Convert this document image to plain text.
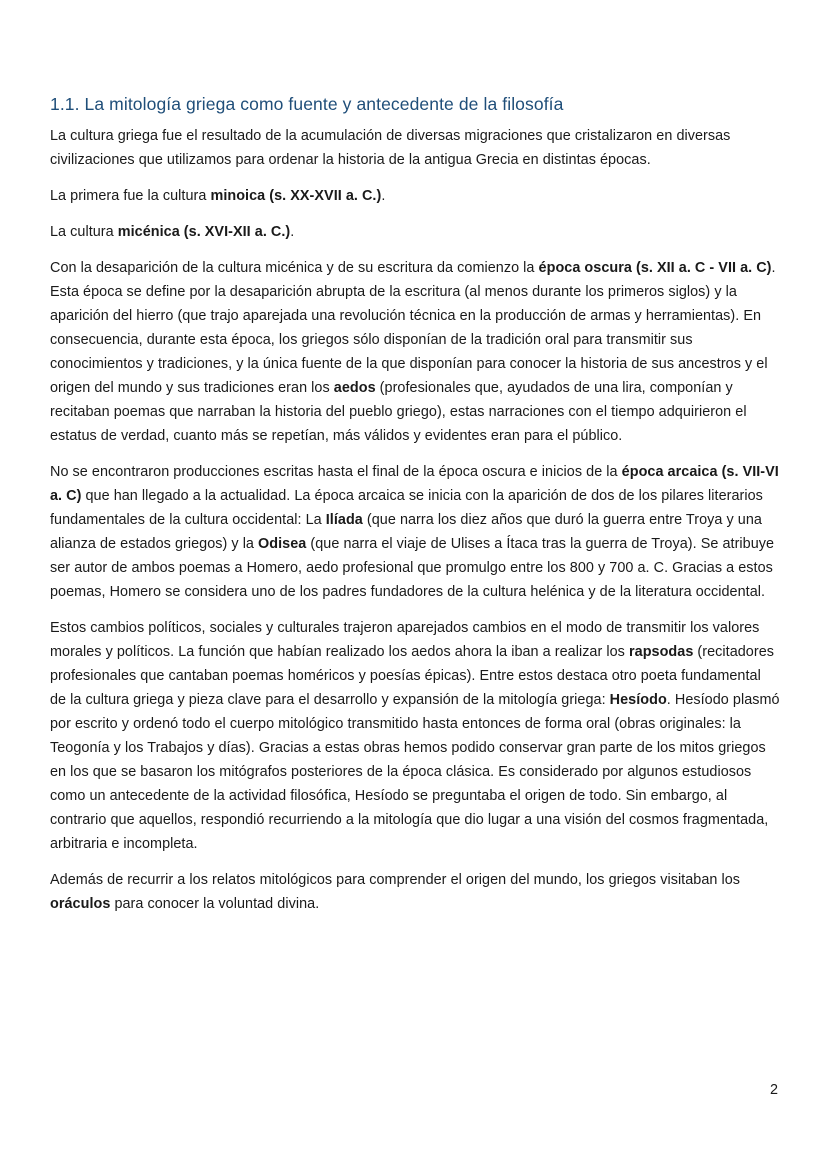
1.1. La mitología griega como fuente y antecedente de la filosofía

La cultura griega fue el resultado de la acumulación de diversas migraciones que cristalizaron en diversas civilizaciones que utilizamos para ordenar la historia de la antigua Grecia en distintas épocas.

La primera fue la cultura minoica (s. XX-XVII a. C.).

La cultura micénica (s. XVI-XII a. C.).

Con la desaparición de la cultura micénica y de su escritura da comienzo la época oscura (s. XII a. C - VII a. C). Esta época se define por la desaparición abrupta de la escritura (al menos durante los primeros siglos) y la aparición del hierro (que trajo aparejada una revolución técnica en la producción de armas y herramientas). En consecuencia, durante esta época, los griegos sólo disponían de la tradición oral para transmitir sus conocimientos y tradiciones, y la única fuente de la que disponían para conocer la historia de sus ancestros y el origen del mundo y sus tradiciones eran los aedos (profesionales que, ayudados de una lira, componían y recitaban poemas que narraban la historia del pueblo griego), estas narraciones con el tiempo adquirieron el estatus de verdad, cuanto más se repetían, más válidos y evidentes eran para el público.

No se encontraron producciones escritas hasta el final de la época oscura e inicios de la época arcaica (s. VII-VI a. C) que han llegado a la actualidad. La época arcaica se inicia con la aparición de dos de los pilares literarios fundamentales de la cultura occidental: La Ilíada (que narra los diez años que duró la guerra entre Troya y una alianza de estados griegos) y la Odisea (que narra el viaje de Ulises a Ítaca tras la guerra de Troya). Se atribuye ser autor de ambos poemas a Homero, aedo profesional que promulgo entre los 800 y 700 a. C. Gracias a estos poemas, Homero se considera uno de los padres fundadores de la cultura helénica y de la literatura occidental.

Estos cambios políticos, sociales y culturales trajeron aparejados cambios en el modo de transmitir los valores morales y políticos. La función que habían realizado los aedos ahora la iban a realizar los rapsodas (recitadores profesionales que cantaban poemas homéricos y poesías épicas). Entre estos destaca otro poeta fundamental de la cultura griega y pieza clave para el desarrollo y expansión de la mitología griega: Hesíodo. Hesíodo plasmó por escrito y ordenó todo el cuerpo mitológico transmitido hasta entonces de forma oral (obras originales: la Teogonía y los Trabajos y días). Gracias a estas obras hemos podido conservar gran parte de los mitos griegos en los que se basaron los mitógrafos posteriores de la época clásica. Es considerado por algunos estudiosos como un antecedente de la actividad filosófica, Hesíodo se preguntaba el origen de todo. Sin embargo, al contrario que aquellos, respondió recurriendo a la mitología que dio lugar a una visión del cosmos fragmentada, arbitraria e incompleta.

Además de recurrir a los relatos mitológicos para comprender el origen del mundo, los griegos visitaban los oráculos para conocer la voluntad divina.

2
